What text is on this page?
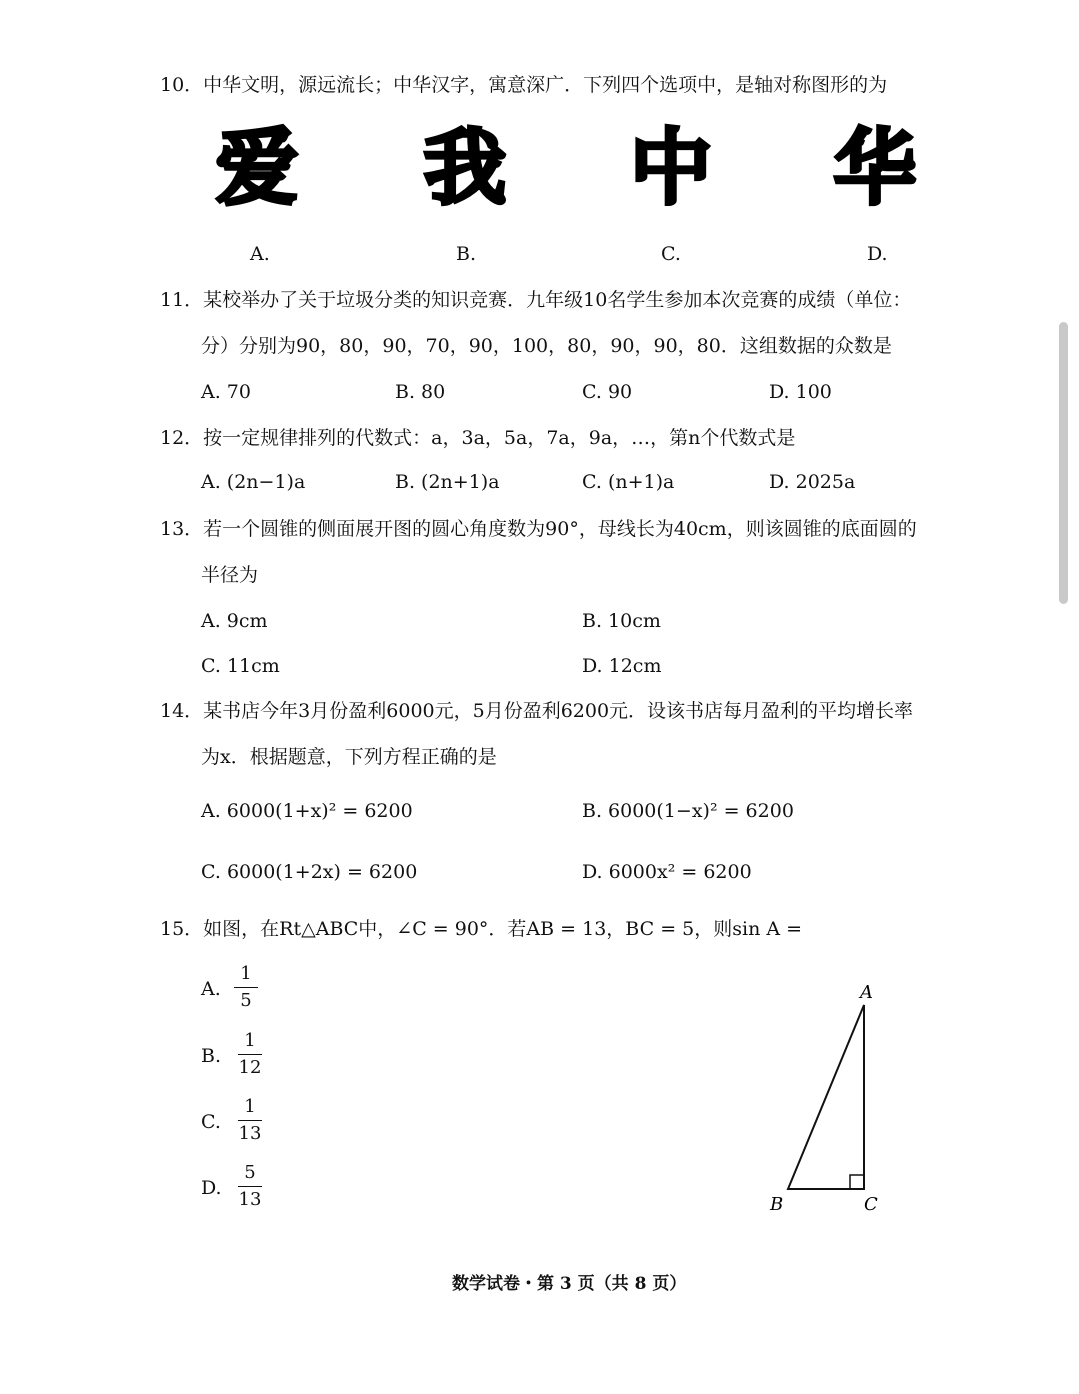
10．中华文明，源远流长；中华汉字，寓意深广．下列四个选项中，是轴对称图形的为
爱 我 中 华
A.	B.	C.	D.
11．某校举办了关于垃圾分类的知识竞赛．九年级10名学生参加本次竞赛的成绩（单位：
分）分别为90，80，90，70，90，100，80，90，90，80．这组数据的众数是
A. 70	B. 80	C. 90	D. 100
12．按一定规律排列的代数式：a，3a，5a，7a，9a，…，第n个代数式是
A. (2n−1)a	B. (2n+1)a	C. (n+1)a	D. 2025a
13．若一个圆锥的侧面展开图的圆心角度数为90°，母线长为40cm，则该圆锥的底面圆的
半径为
A. 9cm	B. 10cm
C. 11cm	D. 12cm
14．某书店今年3月份盈利6000元，5月份盈利6200元．设该书店每月盈利的平均增长率
为x．根据题意，下列方程正确的是
A. 6000(1+x)² = 6200	B. 6000(1−x)² = 6200
C. 6000(1+2x) = 6200	D. 6000x² = 6200
15．如图，在Rt△ABC中，∠C = 90°．若AB = 13，BC = 5，则sin A =
A.
1
5
B.
1
12
C.
1
13
D.
5
13
A
B	C
数学试卷・第 3 页（共 8 页）
